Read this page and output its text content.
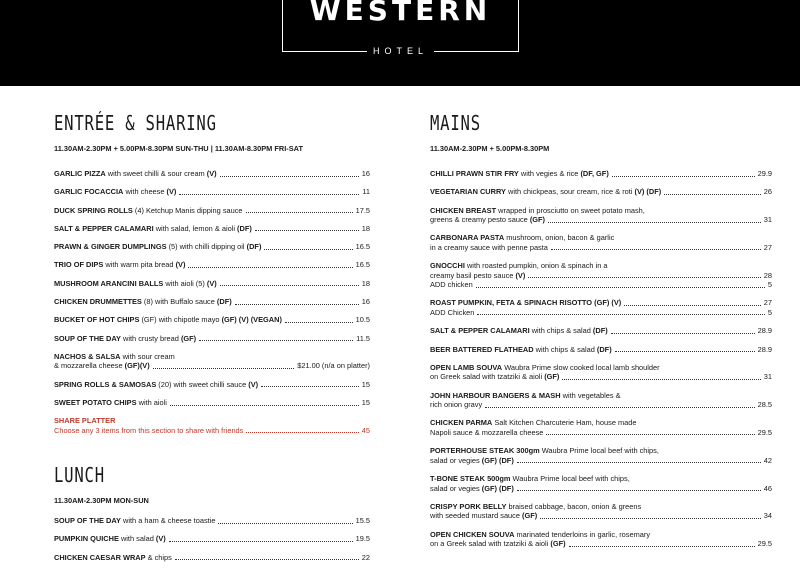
WESTERN
HOTEL
ENTRÉE & SHARING
11.30AM-2.30PM + 5.00PM-8.30PM SUN-THU | 11.30AM-8.30PM FRI-SAT
GARLIC PIZZA with sweet chilli & sour cream (V)	16
GARLIC FOCACCIA with cheese (V)	11
DUCK SPRING ROLLS (4) Ketchup Manis dipping sauce	17.5
SALT & PEPPER CALAMARI with salad, lemon & aioli (DF)	18
PRAWN & GINGER DUMPLINGS (5) with chilli dipping oil (DF)	16.5
TRIO OF DIPS with warm pita bread (V)	16.5
MUSHROOM ARANCINI BALLS with aioli (5) (V)	18
CHICKEN DRUMMETTES (8) with Buffalo sauce (DF)	16
BUCKET OF HOT CHIPS (GF) with chipotle mayo (GF) (V) (VEGAN)	10.5
SOUP OF THE DAY with crusty bread (GF)	11.5
NACHOS & SALSA with sour cream
& mozzarella cheese (GF)(V)	$21.00 (n/a on platter)
SPRING ROLLS & SAMOSAS (20) with sweet chilli sauce (V)	15
SWEET POTATO CHIPS with aioli	15
SHARE PLATTER
Choose any 3 items from this section to share with friends	45
LUNCH
11.30AM-2.30PM MON-SUN
SOUP OF THE DAY with a ham & cheese toastie	15.5
PUMPKIN QUICHE with salad (V)	19.5
CHICKEN CAESAR WRAP & chips	22
MAINS
11.30AM-2.30PM + 5.00PM-8.30PM
CHILLI PRAWN STIR FRY with vegies & rice (DF, GF)	29.9
VEGETARIAN CURRY with chickpeas, sour cream, rice & roti (V) (DF)	26
CHICKEN BREAST wrapped in prosciutto on sweet potato mash,
greens & creamy pesto sauce (GF)	31
CARBONARA PASTA mushroom, onion, bacon & garlic
in a creamy sauce with penne pasta	27
GNOCCHI with roasted pumpkin, onion & spinach in a
creamy basil pesto sauce (V)	28
ADD chicken	5
ROAST PUMPKIN, FETA & SPINACH RISOTTO (GF) (V)	27
ADD Chicken	5
SALT & PEPPER CALAMARI with chips & salad (DF)	28.9
BEER BATTERED FLATHEAD with chips & salad (DF)	28.9
OPEN LAMB SOUVA Waubra Prime slow cooked local lamb shoulder
on Greek salad with tzatziki & aioli (GF)	31
JOHN HARBOUR BANGERS & MASH with vegetables &
rich onion gravy	28.5
CHICKEN PARMA Salt Kitchen Charcuterie Ham, house made
Napoli sauce & mozzarella cheese	29.5
PORTERHOUSE STEAK 300gm Waubra Prime local beef with chips,
salad or vegies (GF) (DF)	42
T-BONE STEAK 500gm Waubra Prime local beef with chips,
salad or vegies (GF) (DF)	46
CRISPY PORK BELLY braised cabbage, bacon, onion & greens
with seeded mustard sauce (GF)	34
OPEN CHICKEN SOUVA marinated tenderloins in garlic, rosemary
on a Greek salad with tzatziki & aioli (GF)	29.5
